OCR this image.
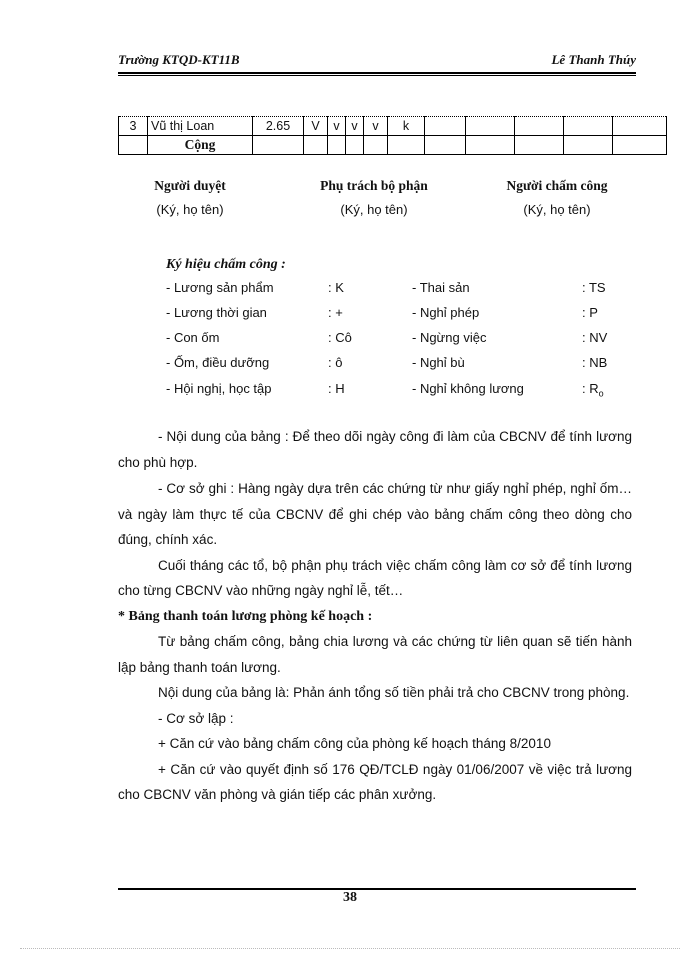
Trường KTQD-KT11B	Lê Thanh Thúy
3	Vũ thị Loan	2.65	V	v	v	v	k					
	Cộng											
Người duyệt
(Ký, họ tên)
Phụ trách bộ phận
(Ký, họ tên)
Người chấm công
(Ký, họ tên)
Ký hiệu chấm công :
- Lương sản phẩm	: K	- Thai sản	: TS
- Lương thời gian	: +	- Nghỉ phép	: P
- Con ốm	: Cô	- Ngừng việc	: NV
- Ốm, điều dưỡng	: ô	- Nghỉ bù	: NB
- Hội nghị, học tập	: H	- Nghỉ không lương	: $R_o$

- Nội dung của bảng : Để theo dõi ngày công đi làm của CBCNV để tính lương cho phù hợp.

- Cơ sở ghi : Hàng ngày dựa trên các chứng từ như giấy nghỉ phép, nghỉ ốm…và ngày làm thực tế của CBCNV để ghi chép vào bảng chấm công theo dòng cho đúng, chính xác.

Cuối tháng các tổ, bộ phận phụ trách việc chấm công làm cơ sở để tính lương cho từng CBCNV vào những ngày nghỉ lễ, tết…

* Bảng thanh toán lương phòng kế hoạch :

Từ bảng chấm công, bảng chia lương và các chứng từ liên quan sẽ tiến hành lập bảng thanh toán lương.

Nội dung của bảng là: Phản ánh tổng số tiền phải trả cho CBCNV trong phòng.

- Cơ sở lập :

+ Căn cứ vào bảng chấm công của phòng kế hoạch tháng 8/2010

+ Căn cứ vào quyết định số 176 QĐ/TCLĐ ngày 01/06/2007 về việc trả lương cho CBCNV văn phòng và gián tiếp các phân xưởng.

38
